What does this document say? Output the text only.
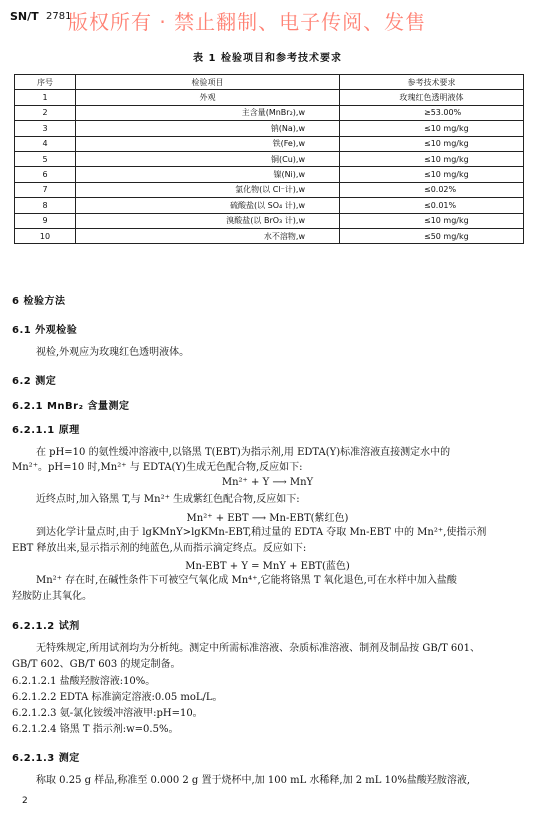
SN/T 2781
版权所有 · 禁止翻制、电子传阅、发售
表 1 检验项目和参考技术要求
序号	检验项目	参考技术要求
1	外观	玫瑰红色透明液体
2	主含量(MnBr₂),w	≥53.00%
3	钠(Na),w	≤10 mg/kg
4	铁(Fe),w	≤10 mg/kg
5	铜(Cu),w	≤10 mg/kg
6	镍(Ni),w	≤10 mg/kg
7	氯化物(以 Cl⁻计),w	≤0.02%
8	硫酸盐(以 SO₄ 计),w	≤0.01%
9	溴酸盐(以 BrO₃ 计),w	≤10 mg/kg
10	水不溶物,w	≤50 mg/kg
6 检验方法
6.1 外观检验
视检,外观应为玫瑰红色透明液体。
6.2 测定
6.2.1 MnBr₂ 含量测定
6.2.1.1 原理
在 pH=10 的氨性缓冲溶液中,以铬黑 T(EBT)为指示剂,用 EDTA(Y)标准溶液直接测定水中的
Mn²⁺。pH=10 时,Mn²⁺ 与 EDTA(Y)生成无色配合物,反应如下:
Mn²⁺ + Y ⟶ MnY
近终点时,加入铬黑 T,与 Mn²⁺ 生成紫红色配合物,反应如下:
Mn²⁺ + EBT ⟶ Mn-EBT(紫红色)
到达化学计量点时,由于 lgKMnY>lgKMn-EBT,稍过量的 EDTA 夺取 Mn-EBT 中的 Mn²⁺,使指示剂
EBT 释放出来,显示指示剂的纯蓝色,从而指示滴定终点。反应如下:
Mn-EBT + Y = MnY + EBT(蓝色)
Mn²⁺ 存在时,在碱性条件下可被空气氧化成 Mn⁴⁺,它能将铬黑 T 氧化退色,可在水样中加入盐酸
羟胺防止其氧化。
6.2.1.2 试剂
无特殊规定,所用试剂均为分析纯。测定中所需标准溶液、杂质标准溶液、制剂及制品按 GB/T 601、
GB/T 602、GB/T 603 的规定制备。
6.2.1.2.1 盐酸羟胺溶液:10%。
6.2.1.2.2 EDTA 标准滴定溶液:0.05 moL/L。
6.2.1.2.3 氨-氯化铵缓冲溶液甲:pH=10。
6.2.1.2.4 铬黑 T 指示剂:w=0.5%。
6.2.1.3 测定
称取 0.25 g 样品,称准至 0.000 2 g 置于烧杯中,加 100 mL 水稀释,加 2 mL 10%盐酸羟胺溶液,
2
